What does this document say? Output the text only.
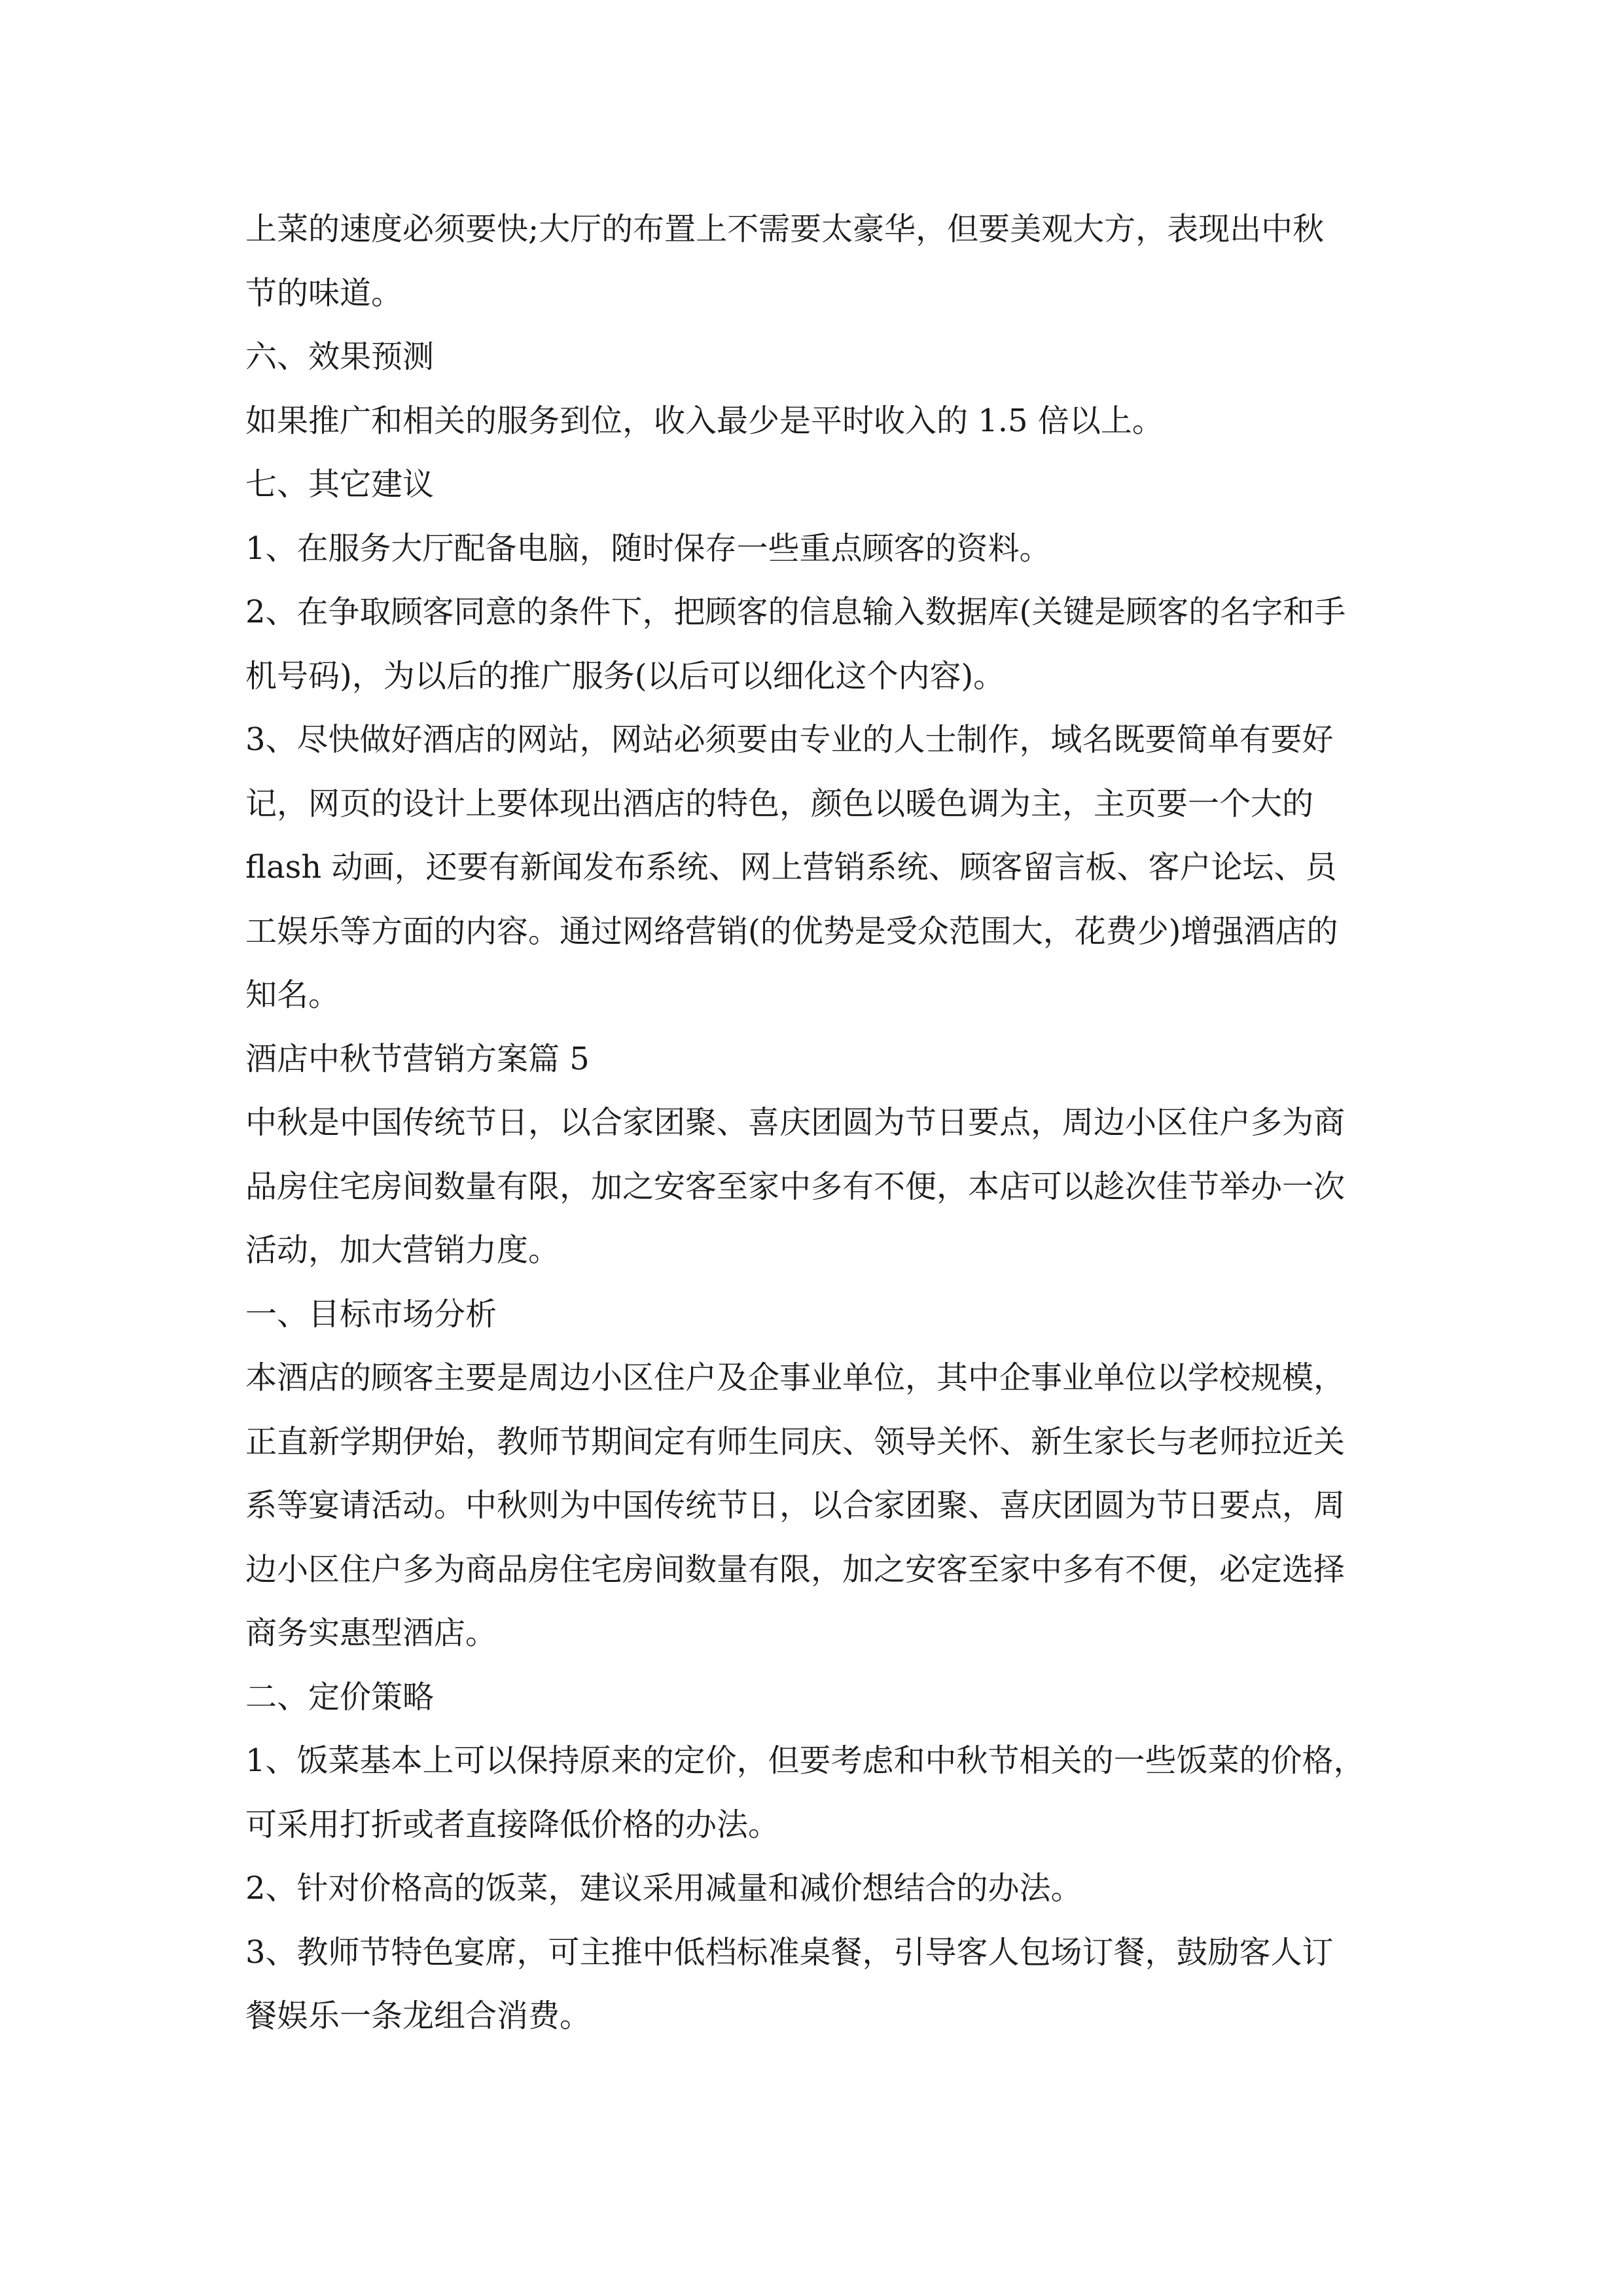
上菜的速度必须要快;大厅的布置上不需要太豪华，但要美观大方，表现出中秋

节的味道。

六、效果预测

如果推广和相关的服务到位，收入最少是平时收入的 1.5 倍以上。

七、其它建议

1、在服务大厅配备电脑，随时保存一些重点顾客的资料。

2、在争取顾客同意的条件下，把顾客的信息输入数据库(关键是顾客的名字和手

机号码)，为以后的推广服务(以后可以细化这个内容)。

3、尽快做好酒店的网站，网站必须要由专业的人士制作，域名既要简单有要好

记，网页的设计上要体现出酒店的特色，颜色以暖色调为主，主页要一个大的

flash 动画，还要有新闻发布系统、网上营销系统、顾客留言板、客户论坛、员

工娱乐等方面的内容。通过网络营销(的优势是受众范围大，花费少)增强酒店的

知名。

酒店中秋节营销方案篇 5

中秋是中国传统节日，以合家团聚、喜庆团圆为节日要点，周边小区住户多为商

品房住宅房间数量有限，加之安客至家中多有不便，本店可以趁次佳节举办一次

活动，加大营销力度。

一、目标市场分析

本酒店的顾客主要是周边小区住户及企事业单位，其中企事业单位以学校规模，

正直新学期伊始，教师节期间定有师生同庆、领导关怀、新生家长与老师拉近关

系等宴请活动。中秋则为中国传统节日，以合家团聚、喜庆团圆为节日要点，周

边小区住户多为商品房住宅房间数量有限，加之安客至家中多有不便，必定选择

商务实惠型酒店。

二、定价策略

1、饭菜基本上可以保持原来的定价，但要考虑和中秋节相关的一些饭菜的价格，

可采用打折或者直接降低价格的办法。

2、针对价格高的饭菜，建议采用减量和减价想结合的办法。

3、教师节特色宴席，可主推中低档标准桌餐，引导客人包场订餐，鼓励客人订

餐娱乐一条龙组合消费。
